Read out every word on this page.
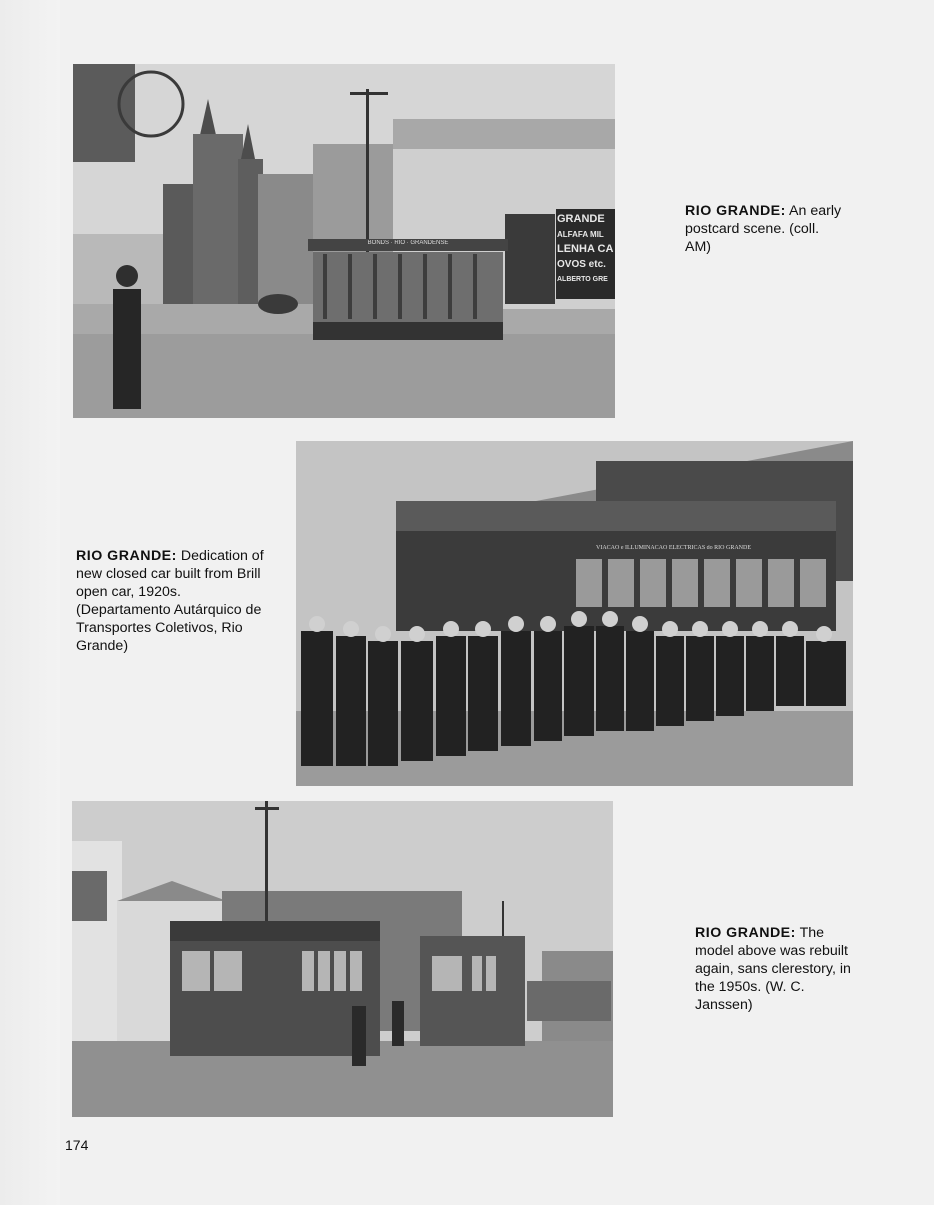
GRANDE
ALFAFA MIL
LENHA CA
OVOS etc.
ALBERTO GRE
BONDS · RIO · GRANDENSE
RIO GRANDE: An early postcard scene. (coll. AM)
VIACAO e ILLUMINACAO ELECTRICAS do RIO GRANDE
RIO GRANDE: Dedication of new closed car built from Brill open car, 1920s. (Departamento Autárquico de Transportes Coletivos, Rio Grande)
RIO GRANDE: The model above was rebuilt again, sans clerestory, in the 1950s. (W. C. Janssen)
174
